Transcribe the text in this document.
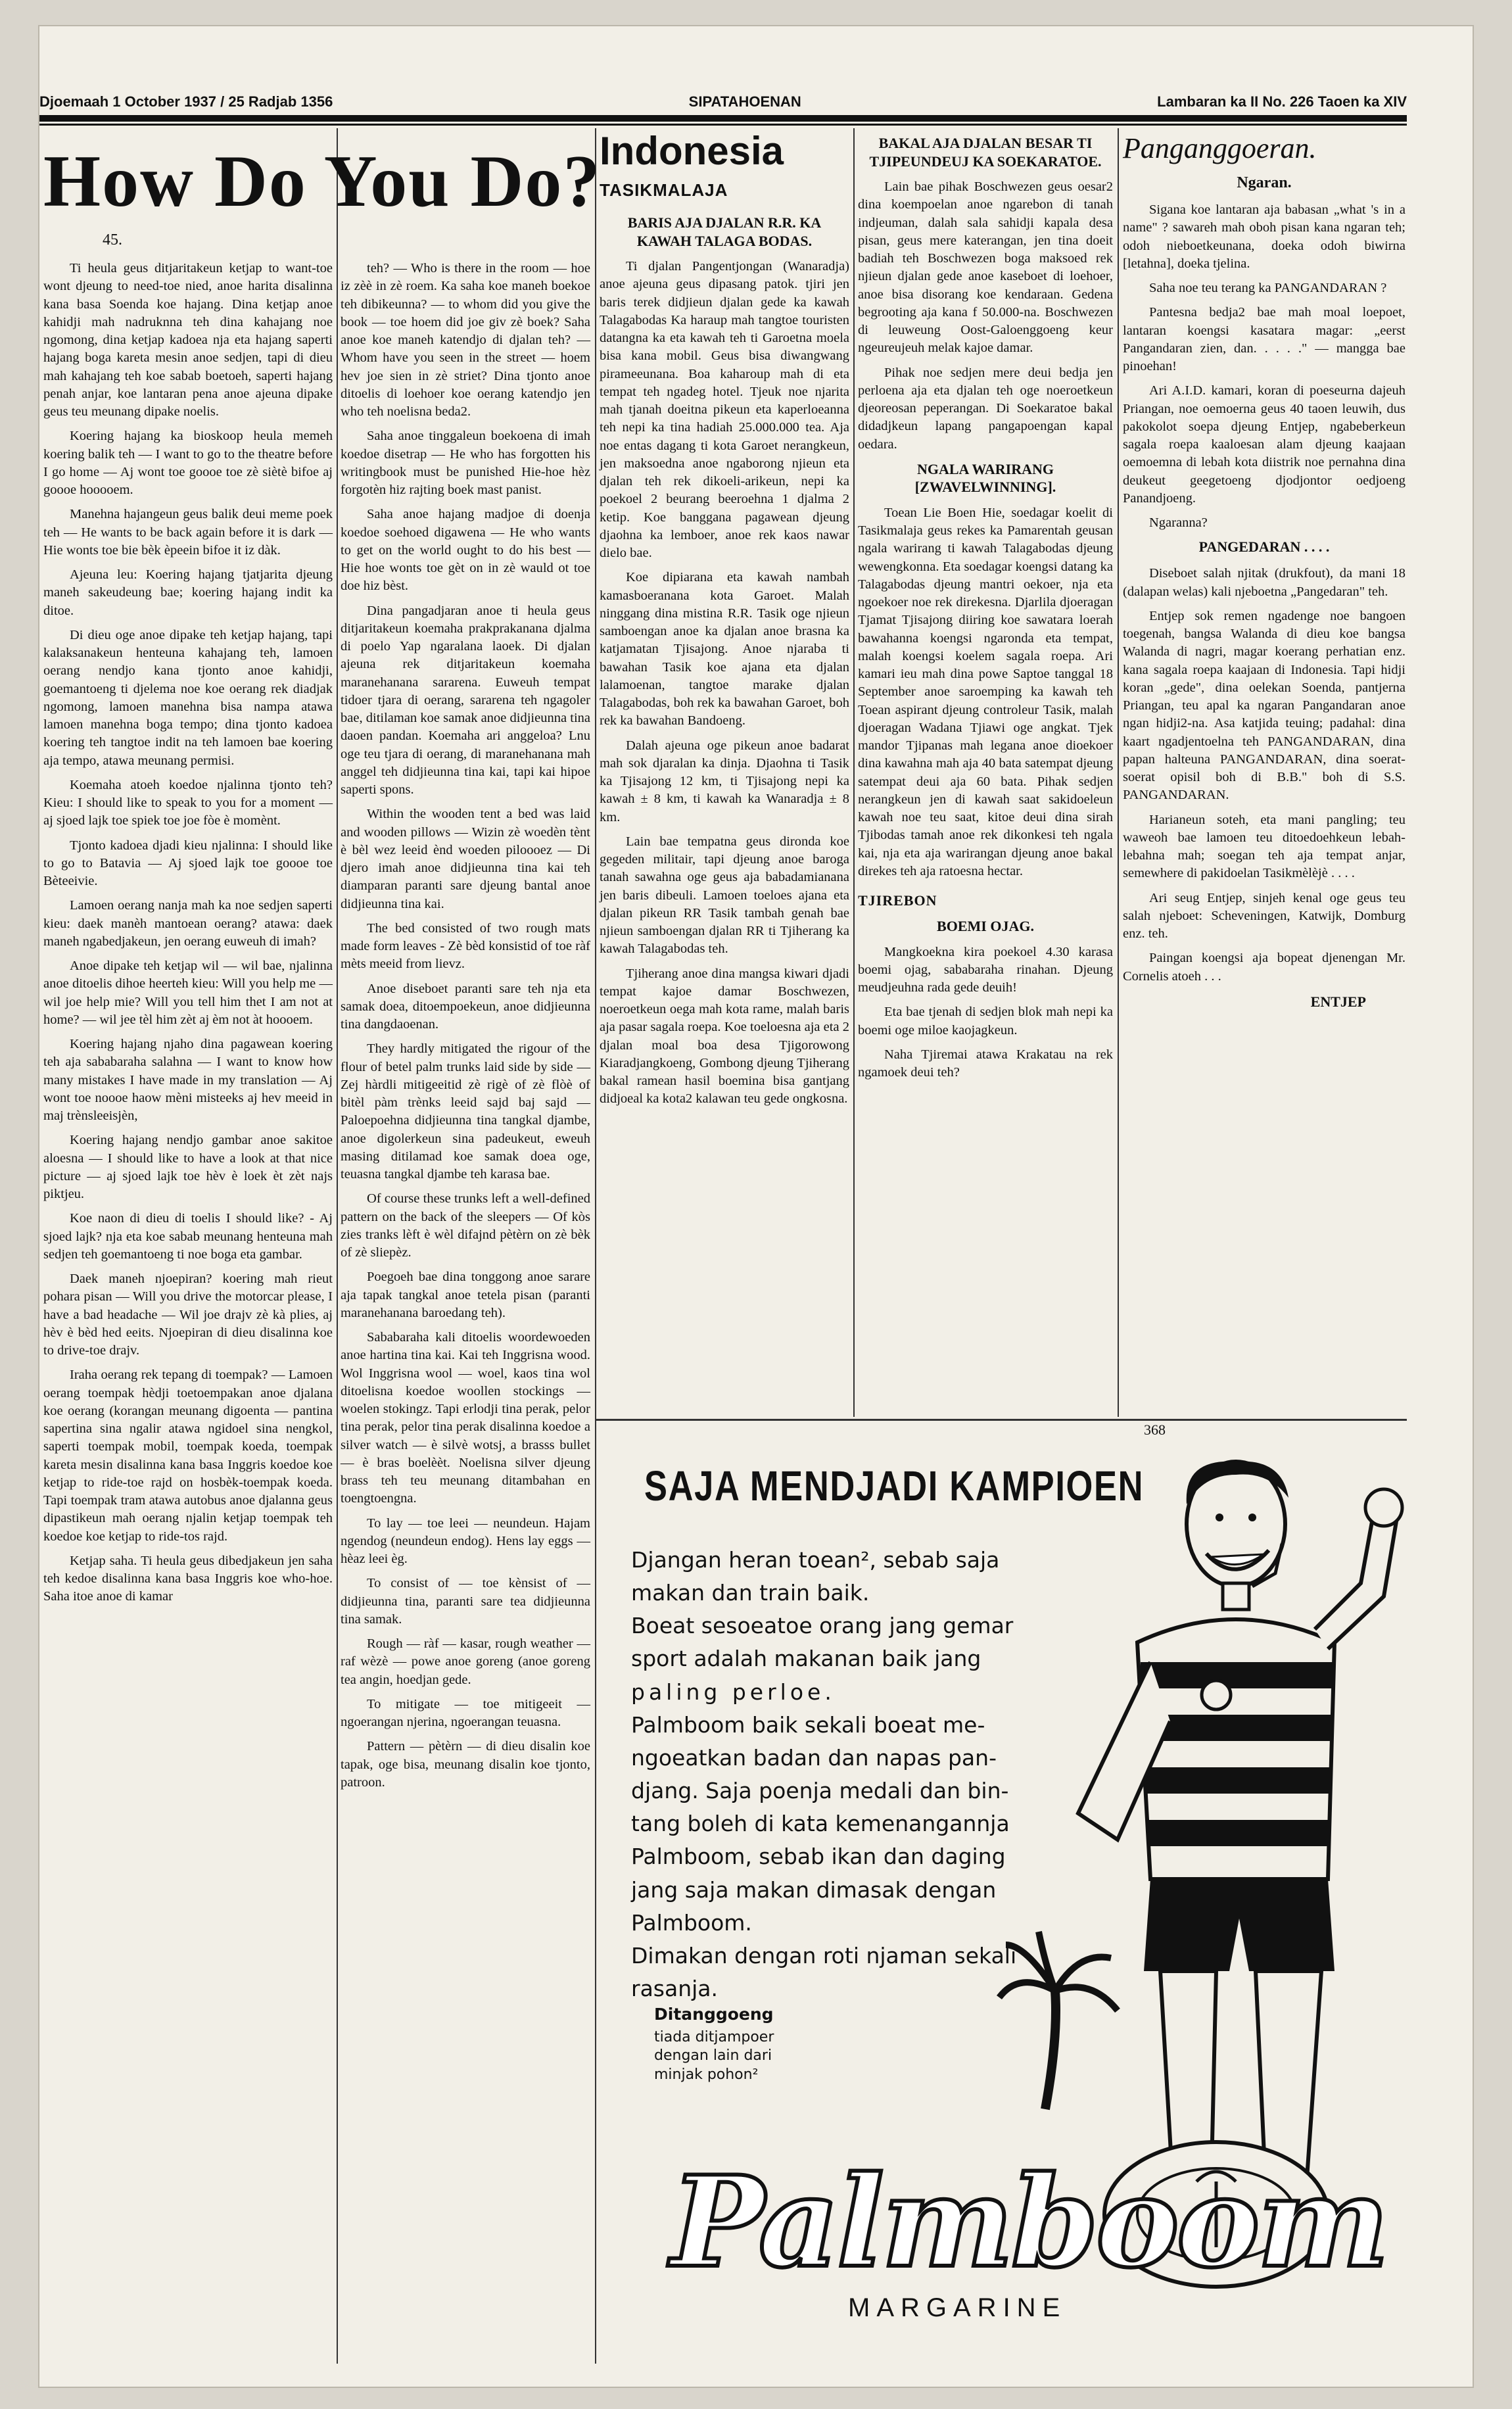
Djoemaah 1 October 1937 / 25 Radjab 1356	SIPATAHOENAN	Lambaran ka II No. 226 Taoen ka XIV
How Do You Do?
45.

Ti heula geus ditjaritakeun ketjap to want-toe wont djeung to need-toe nied, anoe harita disalinna kana basa Soenda koe hajang. Dina ketjap anoe kahidji mah nadruknna teh dina kahajang noe ngomong, dina ketjap kadoea nja eta hajang saperti hajang boga kareta mesin anoe sedjen, tapi di dieu mah kahajang teh koe sabab boetoeh, saperti hajang penah anjar, koe lantaran pena anoe ajeuna dipake geus teu meunang dipake noelis.

Koering hajang ka bioskoop heula memeh koering balik teh — I want to go to the theatre before I go home — Aj wont toe goooe toe zè siètè bifoe aj goooe hooooem.

Manehna hajangeun geus balik deui meme poek teh — He wants to be back again before it is dark — Hie wonts toe bie bèk èpeein bifoe it iz dàk.

Ajeuna leu: Koering hajang tjatjarita djeung maneh sakeudeung bae; koering hajang indit ka ditoe.

Di dieu oge anoe dipake teh ketjap hajang, tapi kalaksanakeun henteuna kahajang teh, lamoen oerang nendjo kana tjonto anoe kahidji, goemantoeng ti djelema noe koe oerang rek diadjak ngomong, lamoen manehna bisa nampa atawa lamoen manehna boga tempo; dina tjonto kadoea koering teh tangtoe indit na teh lamoen bae koering aja tempo, atawa meunang permisi.

Koemaha atoeh koedoe njalinna tjonto teh? Kieu: I should like to speak to you for a moment — aj sjoed lajk toe spiek toe joe fòe è momènt.

Tjonto kadoea djadi kieu njalinna: I should like to go to Batavia — Aj sjoed lajk toe goooe toe Bèteeivie.

Lamoen oerang nanja mah ka noe sedjen saperti kieu: daek manèh mantoean oerang? atawa: daek maneh ngabedjakeun, jen oerang euweuh di imah?

Anoe dipake teh ketjap wil — wil bae, njalinna anoe ditoelis dihoe heerteh kieu: Will you help me — wil joe help mie? Will you tell him thet I am not at home? — wil jee tèl him zèt aj èm not àt hoooem.

Koering hajang njaho dina pagawean koering teh aja sababaraha salahna — I want to know how many mistakes I have made in my translation — Aj wont toe noooe haow mèni misteeks aj hev meeid in maj trènsleeisjèn,

Koering hajang nendjo gambar anoe sakitoe aloesna — I should like to have a look at that nice picture — aj sjoed lajk toe hèv è loek èt zèt najs piktjeu.

Koe naon di dieu di toelis I should like? - Aj sjoed lajk? nja eta koe sabab meunang henteuna mah sedjen teh goemantoeng ti noe boga eta gambar.

Daek maneh njoepiran? koering mah rieut pohara pisan — Will you drive the motorcar please, I have a bad headache — Wil joe drajv zè kà plies, aj hèv è bèd hed eeits. Njoepiran di dieu disalinna koe to drive-toe drajv.

Iraha oerang rek tepang di toempak? — Lamoen oerang toempak hèdji toetoempakan anoe djalana koe oerang (korangan meunang digoenta — pantina sapertina sina ngalir atawa ngidoel sina nengkol, saperti toempak mobil, toempak koeda, toempak kareta mesin disalinna kana basa Inggris koedoe koe ketjap to ride-toe rajd on hosbèk-toempak koeda. Tapi toempak tram atawa autobus anoe djalanna geus dipastikeun mah oerang njalin ketjap toempak teh koedoe koe ketjap to ride-tos rajd.

Ketjap saha. Ti heula geus dibedjakeun jen saha teh kedoe disalinna kana basa Inggris koe who-hoe. Saha itoe anoe di kamar

teh? — Who is there in the room — hoe iz zèè in zè roem. Ka saha koe maneh boekoe teh dibikeunna? — to whom did you give the book — toe hoem did joe giv zè boek? Saha anoe koe maneh katendjo di djalan teh? — Whom have you seen in the street — hoem hev joe sien in zè striet? Dina tjonto anoe ditoelis di loehoer koe oerang katendjo jen who teh noelisna beda2.

Saha anoe tinggaleun boekoena di imah koedoe disetrap — He who has forgotten his writingbook must be punished Hie-hoe hèz forgotèn hiz rajting boek mast panist.

Saha anoe hajang madjoe di doenja koedoe soehoed digawena — He who wants to get on the world ought to do his best — Hie hoe wonts toe gèt on in zè wauld ot toe doe hiz bèst.

Dina pangadjaran anoe ti heula geus ditjaritakeun koemaha prakprakanana djalma di poelo Yap ngaralana laoek. Di djalan ajeuna rek ditjaritakeun koemaha maranehanana sararena. Euweuh tempat tidoer tjara di oerang, sararena teh ngagoler bae, ditilaman koe samak anoe didjieunna tina daoen pandan. Koemaha ari anggeloa? Lnu oge teu tjara di oerang, di maranehanana mah anggel teh didjieunna tina kai, tapi kai hipoe saperti spons.

Within the wooden tent a bed was laid and wooden pillows — Wizin zè woedèn tènt è bèl wez leeid ènd woeden piloooez — Di djero imah anoe didjieunna tina kai teh diamparan paranti sare djeung bantal anoe didjieunna tina kai.

The bed consisted of two rough mats made form leaves - Zè bèd konsistid of toe ràf mèts meeid from lievz.

Anoe diseboet paranti sare teh nja eta samak doea, ditoempoekeun, anoe didjieunna tina dangdaoenan.

They hardly mitigated the rigour of the flour of betel palm trunks laid side by side — Zej hàrdli mitigeeitid zè rigè of zè flòè of bitèl pàm trènks leeid sajd baj sajd — Paloepoehna didjieunna tina tangkal djambe, anoe digolerkeun sina padeukeut, eweuh masing ditilamad koe samak doea oge, teuasna tangkal djambe teh karasa bae.

Of course these trunks left a well-defined pattern on the back of the sleepers — Of kòs zies tranks lèft è wèl difajnd pètèrn on zè bèk of zè sliepèz.

Poegoeh bae dina tonggong anoe sarare aja tapak tangkal anoe tetela pisan (paranti maranehanana baroedang teh).

Sababaraha kali ditoelis woordewoeden anoe hartina tina kai. Kai teh Inggrisna wood. Wol Inggrisna wool — woel, kaos tina wol ditoelisna koedoe woollen stockings — woelen stokingz. Tapi erlodji tina perak, pelor tina perak, pelor tina perak disalinna koedoe a silver watch — è silvè wotsj, a brasss bullet — è bras boelèèt. Noelisna silver djeung brass teh teu meunang ditambahan en toengtoengna.

To lay — toe leei — neundeun. Hajam ngendog (neundeun endog). Hens lay eggs — hèaz leei èg.

To consist of — toe kènsist of — didjieunna tina, paranti sare tea didjieunna tina samak.

Rough — ràf — kasar, rough weather — raf wèzè — powe anoe goreng (anoe goreng tea angin, hoedjan gede.

To mitigate — toe mitigeeit — ngoerangan njerina, ngoerangan teuasna.

Pattern — pètèrn — di dieu disalin koe tapak, oge bisa, meunang disalin koe tjonto, patroon.

Indonesia
TASIKMALAJA
BARIS AJA DJALAN R.R. KA KAWAH TALAGA BODAS.

Ti djalan Pangentjongan (Wanaradja) anoe ajeuna geus dipasang patok. tjiri jen baris terek didjieun djalan gede ka kawah Talagabodas Ka haraup mah tangtoe touristen datangna ka eta kawah teh ti Garoetna moela bisa kana mobil. Geus bisa diwangwang pirameeunana. Boa kaharoup mah di eta tempat teh ngadeg hotel. Tjeuk noe njarita mah tjanah doeitna pikeun eta kaperloeanna teh nepi ka tina hadiah 25.000.000 tea. Aja noe entas dagang ti kota Garoet nerangkeun, jen maksoedna anoe ngaborong njieun eta djalan teh rek dikoeli-arikeun, nepi ka poekoel 2 beurang beeroehna 1 djalma 2 ketip. Koe banggana pagawean djeung djaohna ka lemboer, anoe rek kaos nawar dielo bae.

Koe dipiarana eta kawah nambah kamasboeranana kota Garoet. Malah ninggang dina mistina R.R. Tasik oge njieun samboengan anoe ka djalan anoe brasna ka katjamatan Tjisajong. Anoe njaraba ti bawahan Tasik koe ajana eta djalan lalamoenan, tangtoe marake djalan Talagabodas, boh rek ka bawahan Garoet, boh rek ka bawahan Bandoeng.

Dalah ajeuna oge pikeun anoe badarat mah sok djaralan ka dinja. Djaohna ti Tasik ka Tjisajong 12 km, ti Tjisajong nepi ka kawah ± 8 km, ti kawah ka Wanaradja ± 8 km.

Lain bae tempatna geus dironda koe gegeden militair, tapi djeung anoe baroga tanah sawahna oge geus aja babadamianana jen baris dibeuli. Lamoen toeloes ajana eta djalan pikeun RR Tasik tambah genah bae njieun samboengan djalan RR ti Tjiherang ka kawah Talagabodas teh.

Tjiherang anoe dina mangsa kiwari djadi tempat kajoe damar Boschwezen, noeroetkeun oega mah kota rame, malah baris aja pasar sagala roepa. Koe toeloesna aja eta 2 djalan moal boa desa Tjigorowong Kiaradjangkoeng, Gombong djeung Tjiherang bakal ramean hasil boemina bisa gantjang didjoeal ka kota2 kalawan teu gede ongkosna.

BAKAL AJA DJALAN BESAR TI TJIPEUNDEUJ KA SOEKARATOE.

Lain bae pihak Boschwezen geus oesar2 dina koempoelan anoe ngarebon di tanah indjeuman, dalah sala sahidji kapala desa pisan, geus mere katerangan, jen tina doeit badiah teh Boschwezen boga maksoed rek njieun djalan gede anoe kaseboet di loehoer, anoe bisa disorang koe kendaraan. Gedena begrooting aja kana f 50.000-na. Boschwezen di leuweung Oost-Galoenggoeng keur ngeureujeuh melak kajoe damar.

Pihak noe sedjen mere deui bedja jen perloena aja eta djalan teh oge noeroetkeun djeoreosan peperangan. Di Soekaratoe bakal didadjkeun lapang pangapoengan kapal oedara.

NGALA WARIRANG [ZWAVELWINNING].

Toean Lie Boen Hie, soedagar koelit di Tasikmalaja geus rekes ka Pamarentah geusan ngala warirang ti kawah Talagabodas djeung wewengkonna. Eta soedagar koengsi datang ka Talagabodas djeung mantri oekoer, nja eta ngoekoer noe rek direkesna. Djarlila djoeragan Tjamat Tjisajong diiring koe sawatara loerah bawahanna koengsi ngaronda eta tempat, malah koengsi koelem sagala roepa. Ari kamari ieu mah dina powe Saptoe tanggal 18 September anoe saroemping ka kawah teh Toean aspirant djeung controleur Tasik, malah djoeragan Wadana Tjiawi oge angkat. Tjek mandor Tjipanas mah legana anoe dioekoer dina kawahna mah aja 40 bata satempat djeung satempat deui aja 60 bata. Pihak sedjen nerangkeun jen di kawah saat sakidoeleun kawah noe teu saat, kitoe deui dina sirah Tjibodas tamah anoe rek dikonkesi teh ngala kai, nja eta aja warirangan djeung anoe bakal direkes teh aja ratoesna hectar.

TJIREBON
BOEMI OJAG.

Mangkoekna kira poekoel 4.30 karasa boemi ojag, sababaraha rinahan. Djeung meudjeuhna rada gede deuih!

Eta bae tjenah di sedjen blok mah nepi ka boemi oge miloe kaojagkeun.

Naha Tjiremai atawa Krakatau na rek ngamoek deui teh?

Panganggoeran.
Ngaran.

Sigana koe lantaran aja babasan „what 's in a name" ? sawareh mah oboh pisan kana ngaran teh; odoh nieboetkeunana, doeka odoh biwirna [letahna], doeka tjelina.

Saha noe teu terang ka PANGANDARAN ?

Pantesna bedja2 bae mah moal loepoet, lantaran koengsi kasatara magar: „eerst Pangandaran zien, dan. . . . ." — mangga bae pinoehan!

Ari A.I.D. kamari, koran di poeseurna dajeuh Priangan, noe oemoerna geus 40 taoen leuwih, dus pakokolot soepa djeung Entjep, ngabeberkeun sagala roepa kaaloesan alam djeung kaajaan oemoemna di lebah kota diistrik noe pernahna dina deukeut geegetoeng djodjontor oedjoeng Panandjoeng.

Ngaranna?

PANGEDARAN . . . .

Diseboet salah njitak (drukfout), da mani 18 (dalapan welas) kali njeboetna „Pangedaran" teh.

Entjep sok remen ngadenge noe bangoen toegenah, bangsa Walanda di dieu koe bangsa Walanda di nagri, magar koerang perhatian enz. kana sagala roepa kaajaan di Indonesia. Tapi hidji koran „gede", dina oelekan Soenda, pantjerna Priangan, teu apal ka ngaran Pangandaran anoe ngan hidji2-na. Asa katjida teuing; padahal: dina kaart ngadjentoelna teh PANGANDARAN, dina papan halteuna PANGANDARAN, dina soerat-soerat opisil boh di B.B." boh di S.S. PANGANDARAN.

Harianeun soteh, eta mani pangling; teu waweoh bae lamoen teu ditoedoehkeun lebah-lebahna mah; soegan teh aja tempat anjar, semewhere di pakidoelan Tasikmèlèjè . . . .

Ari seug Entjep, sinjeh kenal oge geus teu salah njeboet: Scheveningen, Katwijk, Domburg enz. teh.

Paingan koengsi aja bopeat djenengan Mr. Cornelis atoeh . . .

ENTJEP
368
SAJA MENDJADI KAMPIOEN
Djangan heran toean², sebab saja
makan dan train baik.
Boeat sesoeatoe orang jang gemar
sport adalah makanan baik jang
paling perloe.
Palmboom baik sekali boeat me-
ngoeatkan badan dan napas pan-
djang. Saja poenja medali dan bin-
tang boleh di kata kemenangannja
Palmboom, sebab ikan dan daging
jang saja makan dimasak dengan
Palmboom.
Dimakan dengan roti njaman sekali
rasanja.
Ditanggoeng
tiada ditjampoer
dengan lain dari
minjak pohon²
Palmboom
MARGARINE
